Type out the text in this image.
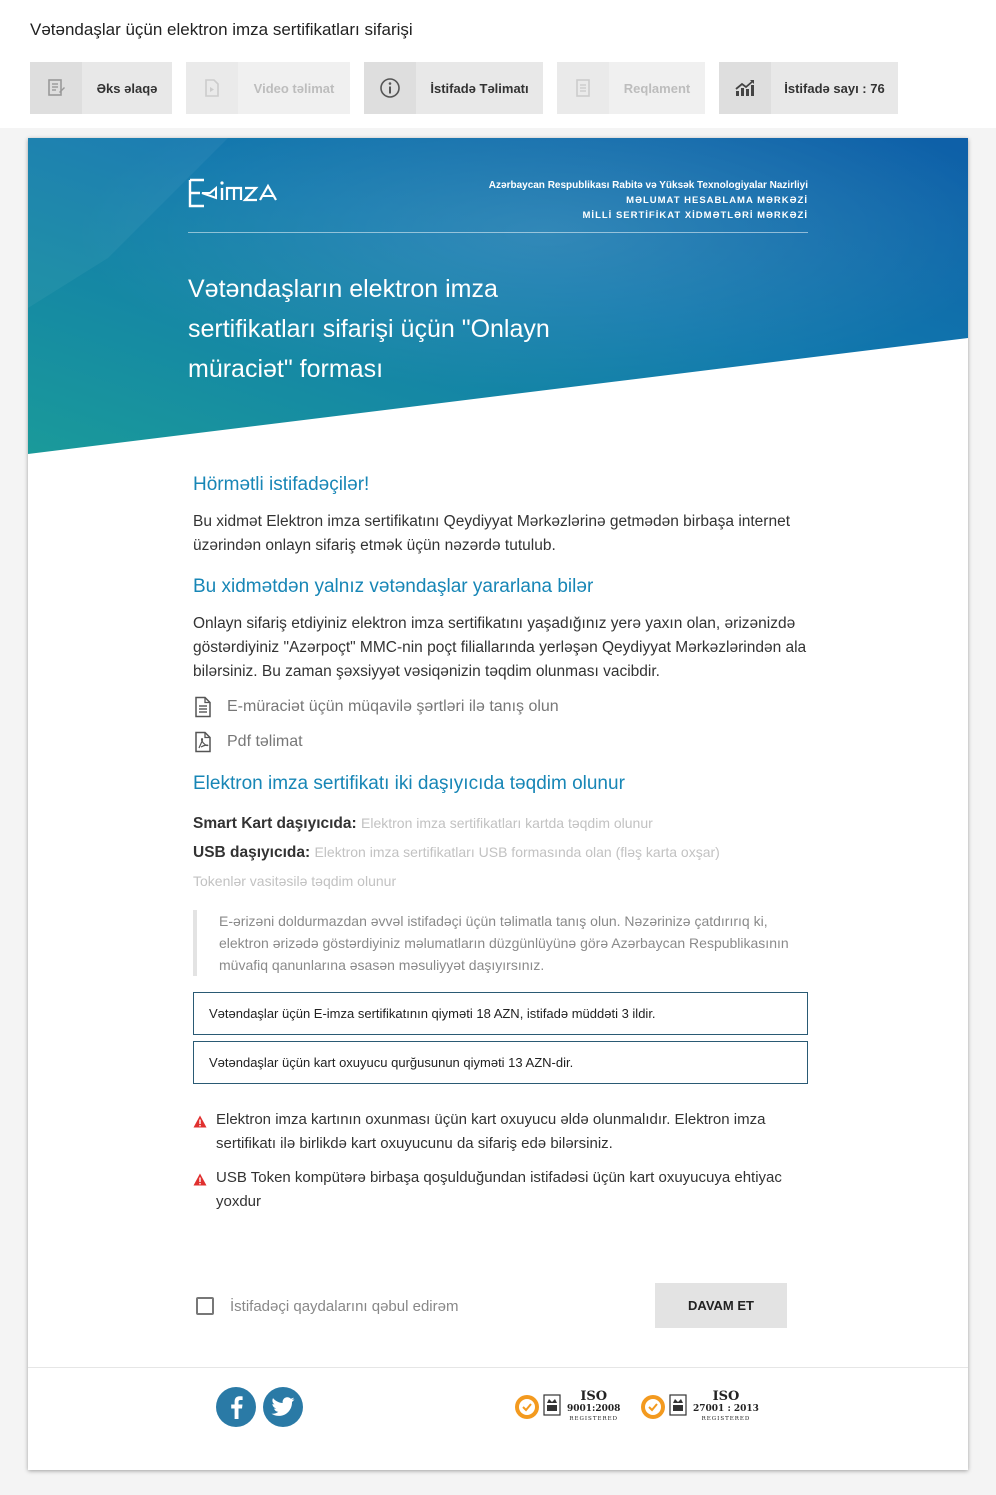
Vətəndaşlar üçün elektron imza sertifikatları sifarişi
Əks əlaqə	Video təlimat	İstifadə Təlimatı	Reqlament	İstifadə sayı : 76
Azərbaycan Respublikası Rabitə və Yüksək Texnologiyalar Nazirliyi
MƏLUMAT HESABLAMA MƏRKƏZİ
MİLLİ SERTİFİKAT XİDMƏTLƏRİ MƏRKƏZİ
Vətəndaşların elektron imza sertifikatları sifarişi üçün "Onlayn müraciət" forması
Hörmətli istifadəçilər!

Bu xidmət Elektron imza sertifikatını Qeydiyyat Mərkəzlərinə getmədən birbaşa internet üzərindən onlayn sifariş etmək üçün nəzərdə tutulub.

Bu xidmətdən yalnız vətəndaşlar yararlana bilər

Onlayn sifariş etdiyiniz elektron imza sertifikatını yaşadığınız yerə yaxın olan, ərizənizdə göstərdiyiniz "Azərpoçt" MMC-nin poçt filiallarında yerləşən Qeydiyyat Mərkəzlərindən ala bilərsiniz. Bu zaman şəxsiyyət vəsiqənizin təqdim olunması vacibdir.

E-müraciət üçün müqavilə şərtləri ilə tanış olun
Pdf təlimat
Elektron imza sertifikatı iki daşıyıcıda təqdim olunur
Smart Kart daşıyıcıda: Elektron imza sertifikatları kartda təqdim olunur
USB daşıyıcıda: Elektron imza sertifikatları USB formasında olan (fləş karta oxşar)
Tokenlər vasitəsilə təqdim olunur
E-ərizəni doldurmazdan əvvəl istifadəçi üçün təlimatla tanış olun. Nəzərinizə çatdırırıq ki, elektron ərizədə göstərdiyiniz məlumatların düzgünlüyünə görə Azərbaycan Respublikasının müvafiq qanunlarına əsasən məsuliyyət daşıyırsınız.
Vətəndaşlar üçün E-imza sertifikatının qiyməti 18 AZN, istifadə müddəti 3 ildir.
Vətəndaşlar üçün kart oxuyucu qurğusunun qiyməti 13 AZN-dir.
Elektron imza kartının oxunması üçün kart oxuyucu əldə olunmalıdır. Elektron imza sertifikatı ilə birlikdə kart oxuyucunu da sifariş edə bilərsiniz.
USB Token kompütərə birbaşa qoşulduğundan istifadəsi üçün kart oxuyucuya ehtiyac yoxdur
İstifadəçi qaydalarını qəbul edirəm	DAVAM ET
ISO
9001:2008
REGISTERED
ISO
27001 : 2013
REGISTERED
